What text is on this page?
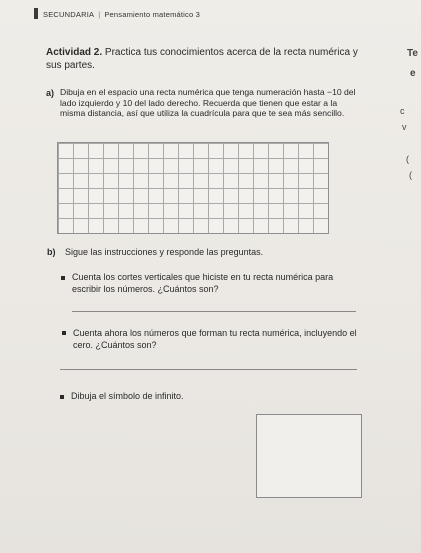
SECUNDARIA | Pensamiento matemático 3
Actividad 2. Practica tus conocimientos acerca de la recta numérica y sus partes.
Te
e
c
v
(
(
a) Dibuja en el espacio una recta numérica que tenga numeración hasta −10 del lado izquierdo y 10 del lado derecho. Recuerda que tienen que estar a la misma distancia, así que utiliza la cuadrícula para que te sea más sencillo.
b) Sigue las instrucciones y responde las preguntas.
Cuenta los cortes verticales que hiciste en tu recta numérica para escribir los números. ¿Cuántos son?
Cuenta ahora los números que forman tu recta numérica, incluyendo el cero. ¿Cuántos son?
Dibuja el símbolo de infinito.
